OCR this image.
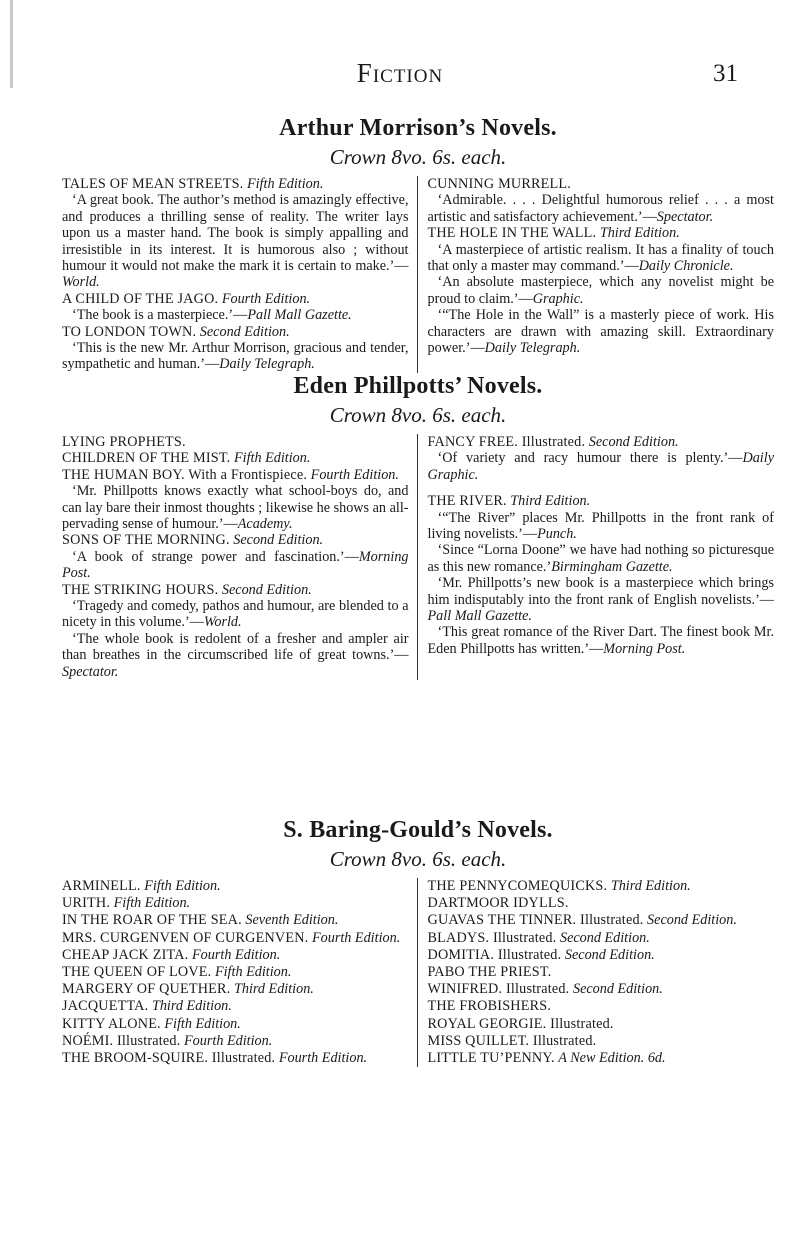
Fiction	31
Arthur Morrison’s Novels.
Crown 8vo. 6s. each.

TALES OF MEAN STREETS. Fifth Edition.

‘A great book. The author’s method is amazingly effective, and produces a thrilling sense of reality. The writer lays upon us a master hand. The book is simply appalling and irresistible in its interest. It is humorous also ; without humour it would not make the mark it is certain to make.’—World.

A CHILD OF THE JAGO. Fourth Edition.

‘The book is a masterpiece.’—Pall Mall Gazette.

TO LONDON TOWN. Second Edition.

‘This is the new Mr. Arthur Morrison, gracious and tender, sympathetic and human.’—Daily Telegraph.

CUNNING MURRELL.

‘Admirable. . . . Delightful humorous relief . . . a most artistic and satisfactory achievement.’—Spectator.

THE HOLE IN THE WALL. Third Edition.

‘A masterpiece of artistic realism. It has a finality of touch that only a master may command.’—Daily Chronicle.

‘An absolute masterpiece, which any novelist might be proud to claim.’—Graphic.

‘“The Hole in the Wall” is a masterly piece of work. His characters are drawn with amazing skill. Extraordinary power.’—Daily Telegraph.

Eden Phillpotts’ Novels.
Crown 8vo. 6s. each.

LYING PROPHETS.

CHILDREN OF THE MIST. Fifth Edition.

THE HUMAN BOY. With a Frontispiece. Fourth Edition.

‘Mr. Phillpotts knows exactly what school-boys do, and can lay bare their inmost thoughts ; likewise he shows an all-pervading sense of humour.’—Academy.

SONS OF THE MORNING. Second Edition.

‘A book of strange power and fascination.’—Morning Post.

THE STRIKING HOURS. Second Edition.

‘Tragedy and comedy, pathos and humour, are blended to a nicety in this volume.’—World.

‘The whole book is redolent of a fresher and ampler air than breathes in the circumscribed life of great towns.’—Spectator.

FANCY FREE. Illustrated. Second Edition.

‘Of variety and racy humour there is plenty.’—Daily Graphic.

THE RIVER. Third Edition.

‘“The River” places Mr. Phillpotts in the front rank of living novelists.’—Punch.

‘Since “Lorna Doone” we have had nothing so picturesque as this new romance.’Birmingham Gazette.

‘Mr. Phillpotts’s new book is a masterpiece which brings him indisputably into the front rank of English novelists.’—Pall Mall Gazette.

‘This great romance of the River Dart. The finest book Mr. Eden Phillpotts has written.’—Morning Post.

S. Baring-Gould’s Novels.
Crown 8vo. 6s. each.

ARMINELL. Fifth Edition.

URITH. Fifth Edition.

IN THE ROAR OF THE SEA. Seventh Edition.

MRS. CURGENVEN OF CURGENVEN. Fourth Edition.

CHEAP JACK ZITA. Fourth Edition.

THE QUEEN OF LOVE. Fifth Edition.

MARGERY OF QUETHER. Third Edition.

JACQUETTA. Third Edition.

KITTY ALONE. Fifth Edition.

NOÉMI. Illustrated. Fourth Edition.

THE BROOM-SQUIRE. Illustrated. Fourth Edition.

THE PENNYCOMEQUICKS. Third Edition.

DARTMOOR IDYLLS.

GUAVAS THE TINNER. Illustrated. Second Edition.

BLADYS. Illustrated. Second Edition.

DOMITIA. Illustrated. Second Edition.

PABO THE PRIEST.

WINIFRED. Illustrated. Second Edition.

THE FROBISHERS.

ROYAL GEORGIE. Illustrated.

MISS QUILLET. Illustrated.

LITTLE TU’PENNY. A New Edition. 6d.
